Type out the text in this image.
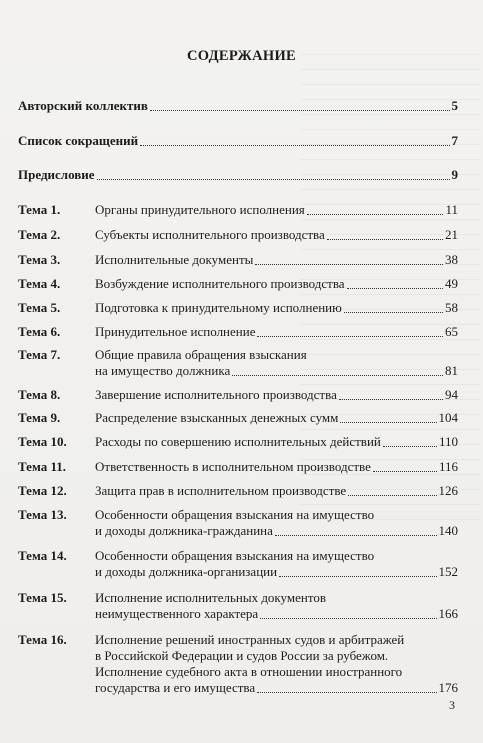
СОДЕРЖАНИЕ
Авторский коллектив	5
Список сокращений	7
Предисловие	9
Тема 1.	Органы принудительного исполнения	11
Тема 2.	Субъекты исполнительного производства	21
Тема 3.	Исполнительные документы	38
Тема 4.	Возбуждение исполнительного производства	49
Тема 5.	Подготовка к принудительному исполнению	58
Тема 6.	Принудительное исполнение	65
Тема 7.	Общие правила обращения взыскания
на имущество должника	81
Тема 8.	Завершение исполнительного производства	94
Тема 9.	Распределение взысканных денежных сумм	104
Тема 10.	Расходы по совершению исполнительных действий	110
Тема 11.	Ответственность в исполнительном производстве	116
Тема 12.	Защита прав в исполнительном производстве	126
Тема 13.	Особенности обращения взыскания на имущество
и доходы должника-гражданина	140
Тема 14.	Особенности обращения взыскания на имущество
и доходы должника-организации	152
Тема 15.	Исполнение исполнительных документов
неимущественного характера	166
Тема 16.	Исполнение решений иностранных судов и арбитражей
в Российской Федерации и судов России за рубежом.
Исполнение судебного акта в отношении иностранного
государства и его имущества	176
3
